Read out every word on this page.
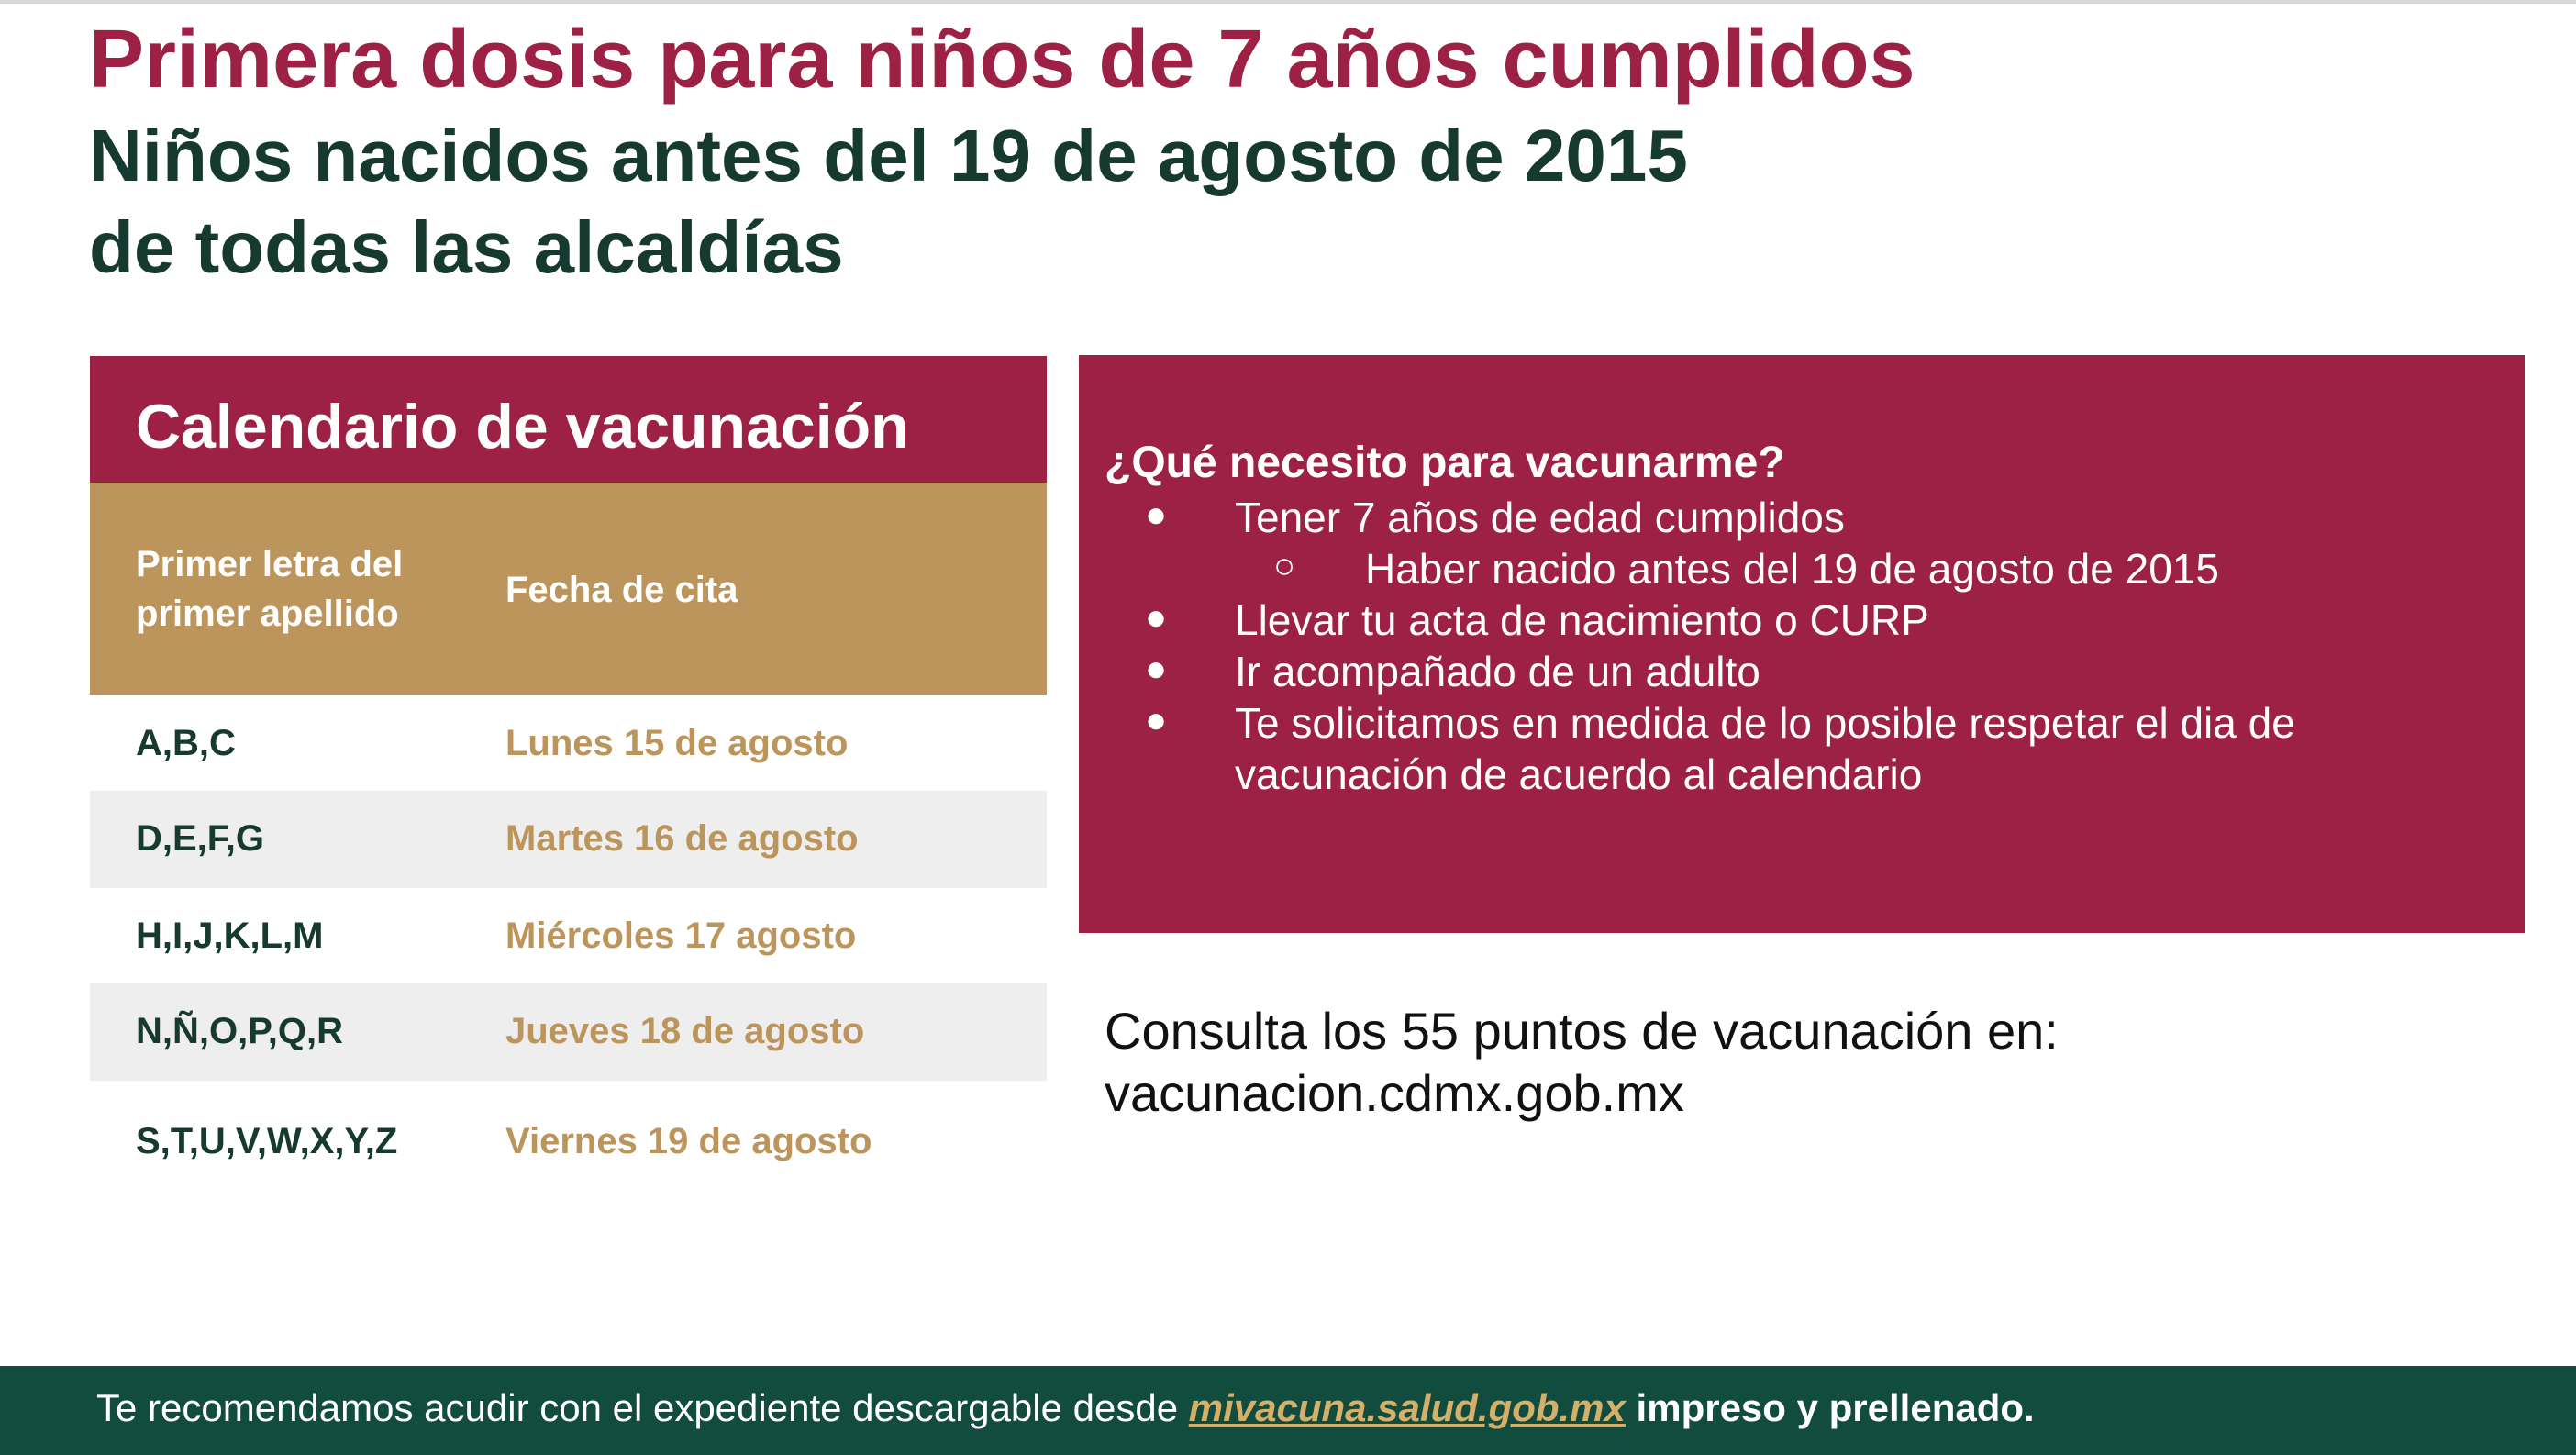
Primera dosis para niños de 7 años cumplidos
Niños nacidos antes del 19 de agosto de 2015
de todas las alcaldías
Calendario de vacunación
Primer letra del
primer apellido
Fecha de cita
A,B,C	Lunes 15 de agosto
D,E,F,G	Martes 16 de agosto
H,I,J,K,L,M	Miércoles 17 agosto
N,Ñ,O,P,Q,R	Jueves 18 de agosto
S,T,U,V,W,X,Y,Z	Viernes 19 de agosto
¿Qué necesito para vacunarme?
● Tener 7 años de edad cumplidos
○ Haber nacido antes del 19 de agosto de 2015
● Llevar tu acta de nacimiento o CURP
● Ir acompañado de un adulto
● Te solicitamos en medida de lo posible respetar el dia de
vacunación de acuerdo al calendario
Consulta los 55 puntos de vacunación en:
vacunacion.cdmx.gob.mx
Te recomendamos acudir con el expediente descargable desde mivacuna.salud.gob.mx impreso y prellenado.
